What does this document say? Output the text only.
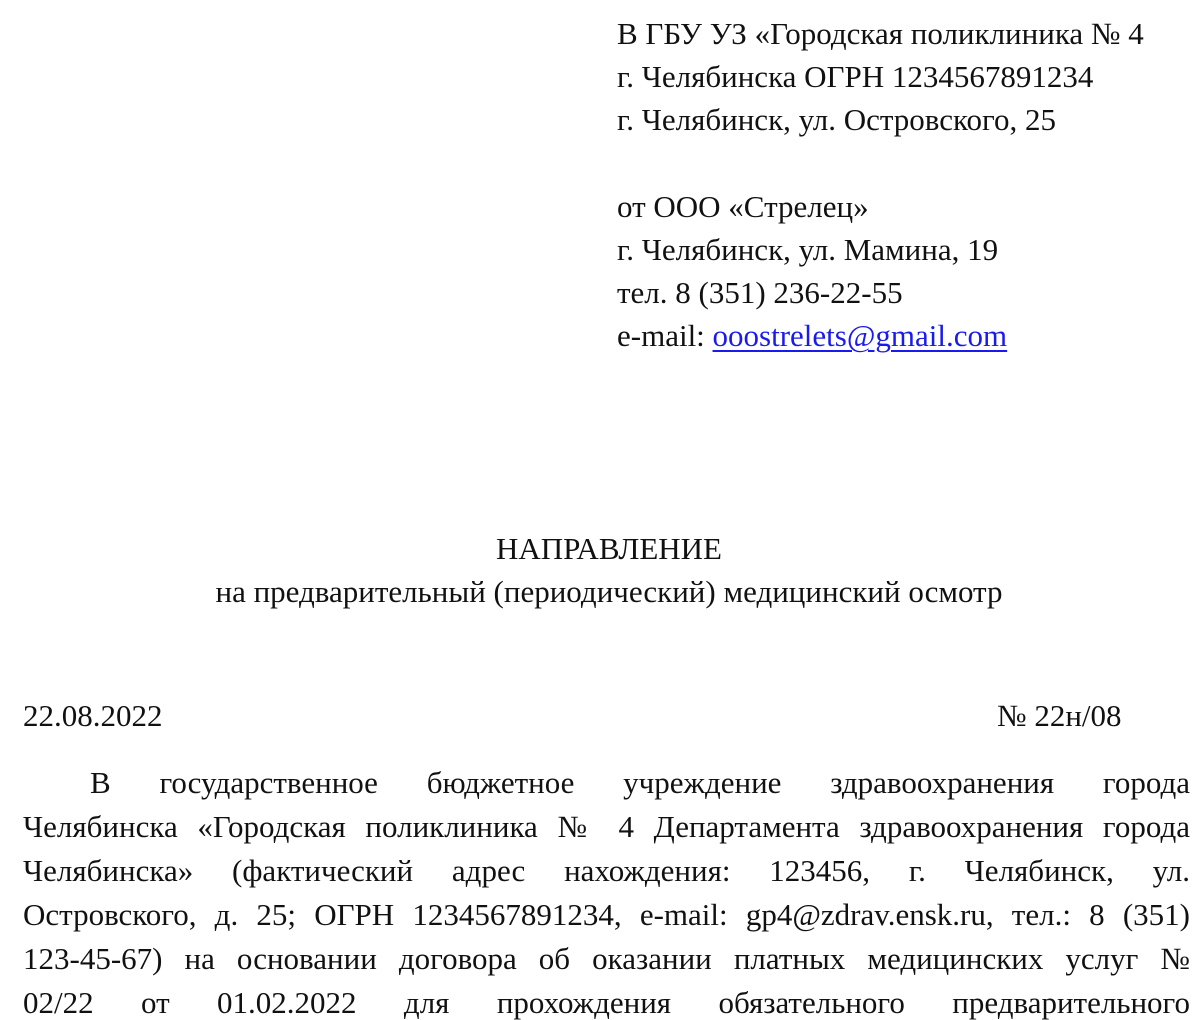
В ГБУ УЗ «Городская поликлиника № 4
г. Челябинска ОГРН 1234567891234
г. Челябинск, ул. Островского, 25
от ООО «Стрелец»
г. Челябинск, ул. Мамина, 19
тел. 8 (351) 236-22-55
e-mail: ooostrelets@gmail.com
НАПРАВЛЕНИЕ
на предварительный (периодический) медицинский осмотр
22.08.2022	№ 22н/08
В государственное бюджетное учреждение здравоохранения города
Челябинска «Городская поликлиника № 4 Департамента здравоохранения города
Челябинска» (фактический адрес нахождения: 123456, г. Челябинск, ул.
Островского, д. 25; ОГРН 1234567891234, e-mail: gp4@zdrav.ensk.ru, тел.: 8 (351)
123-45-67) на основании договора об оказании платных медицинских услуг №
02/22 от 01.02.2022 для прохождения обязательного предварительного
